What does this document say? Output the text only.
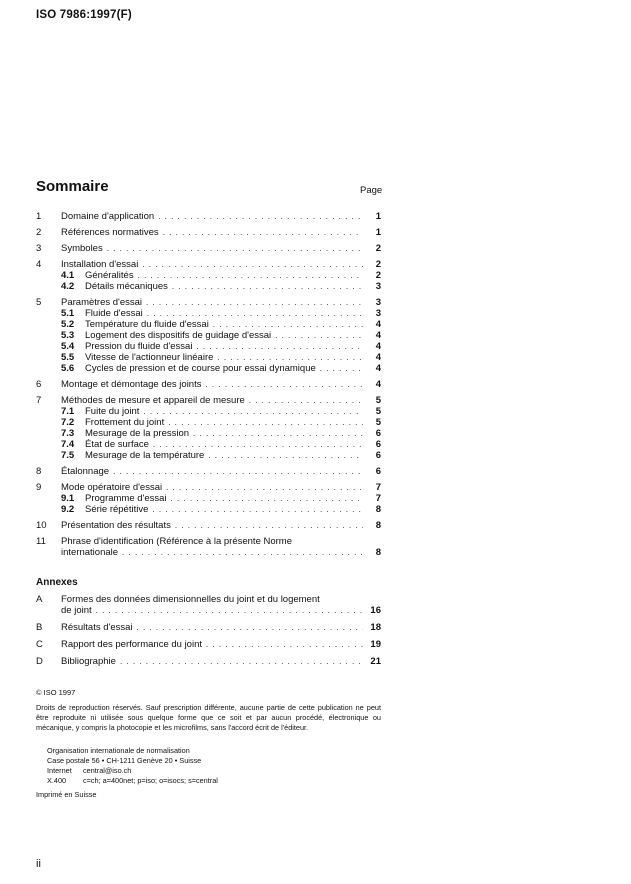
ISO 7986:1997(F)
Sommaire	Page
1	Domaine d'application . . .	1
2	Références normatives . . .	1
3	Symboles . . .	2
4	Installation d'essai . . .	2
4.1	Généralités . . .	2
4.2	Détails mécaniques . . .	3
5	Paramètres d'essai . . .	3
5.1	Fluide d'essai . . .	3
5.2	Température du fluide d'essai . . .	4
5.3	Logement des dispositifs de guidage d'essai . . .	4
5.4	Pression du fluide d'essai . . .	4
5.5	Vitesse de l'actionneur linéaire . . .	4
5.6	Cycles de pression et de course pour essai dynamique . . .	4
6	Montage et démontage des joints . . .	4
7	Méthodes de mesure et appareil de mesure . . .	5
7.1	Fuite du joint . . .	5
7.2	Frottement du joint . . .	5
7.3	Mesurage de la pression . . .	6
7.4	État de surface . . .	6
7.5	Mesurage de la température . . .	6
8	Étalonnage . . .	6
9	Mode opératoire d'essai . . .	7
9.1	Programme d'essai . . .	7
9.2	Série répétitive . . .	8
10	Présentation des résultats . . .	8
11	Phrase d'identification (Référence à la présente Norme
internationale . . .	8
Annexes
A	Formes des données dimensionnelles du joint et du logement
de joint . . .	16
B	Résultats d'essai . . .	18
C	Rapport des performance du joint . . .	19
D	Bibliographie . . .	21
© ISO 1997
Droits de reproduction réservés. Sauf prescription différente, aucune partie de cette publication ne peut être reproduite ni utilisée sous quelque forme que ce soit et par aucun procédé, électronique ou mécanique, y compris la photocopie et les microfilms, sans l'accord écrit de l'éditeur.
Organisation internationale de normalisation
Case postale 56 • CH-1211 Genève 20 • Suisse
Internet central@iso.ch
X.400 c=ch; a=400net; p=iso; o=isocs; s=central
Imprimé en Suisse
ii
